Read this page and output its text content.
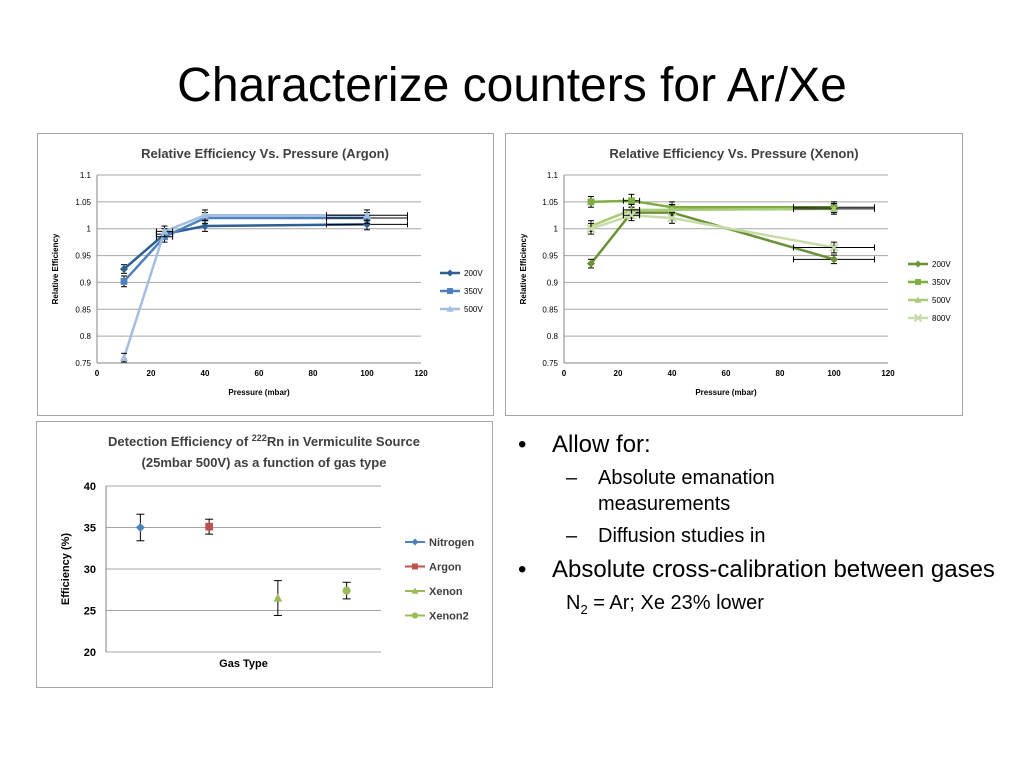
Characterize counters for Ar/Xe
Relative Efficiency Vs. Pressure (Argon)
0.75
0.8
0.85
0.9
0.95
1
1.05
1.1
0	20	40	60	80	100	120
Pressure (mbar)
Relative Efficiency	200V
350V
500V
Relative Efficiency Vs. Pressure (Xenon)
0.75
0.8
0.85
0.9
0.95
1
1.05
1.1
0	20	40	60	80	100	120
Pressure (mbar)
Relative Efficiency	200V
350V
500V
800V
Detection Efficiency of $^{222}$Rn in Vermiculite Source
(25mbar 500V) as a function of gas type
20
25
30
35
40
Gas Type
Efficiency (%)	Nitrogen
Argon
Xenon
Xenon2
• Allow for:
– Absolute emanation measurements
– Diffusion studies in
• Absolute cross-calibration between gases
$N_2 = Ar$; Xe 23% lower
